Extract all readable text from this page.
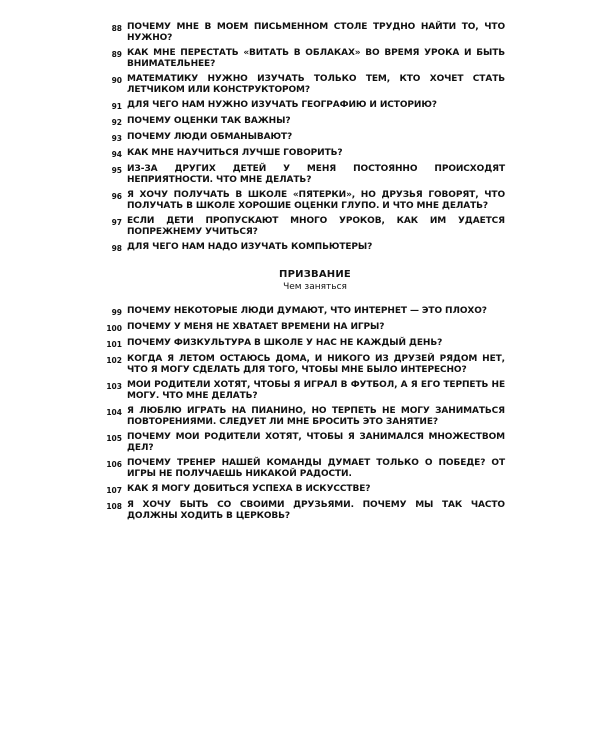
88 ПОЧЕМУ МНЕ В МОЕМ ПИСЬМЕННОМ СТОЛЕ ТРУДНО НАЙТИ ТО, ЧТО НУЖНО?
89 КАК МНЕ ПЕРЕСТАТЬ «ВИТАТЬ В ОБЛАКАХ» ВО ВРЕМЯ УРОКА И БЫТЬ ВНИМАТЕЛЬНЕЕ?
90 МАТЕМАТИКУ НУЖНО ИЗУЧАТЬ ТОЛЬКО ТЕМ, КТО ХОЧЕТ СТАТЬ ЛЕТЧИКОМ ИЛИ КОНСТРУКТОРОМ?
91 ДЛЯ ЧЕГО НАМ НУЖНО ИЗУЧАТЬ ГЕОГРАФИЮ И ИСТОРИЮ?
92 ПОЧЕМУ ОЦЕНКИ ТАК ВАЖНЫ?
93 ПОЧЕМУ ЛЮДИ ОБМАНЫВАЮТ?
94 КАК МНЕ НАУЧИТЬСЯ ЛУЧШЕ ГОВОРИТЬ?
95 ИЗ-ЗА ДРУГИХ ДЕТЕЙ У МЕНЯ ПОСТОЯННО ПРОИСХОДЯТ НЕПРИЯТНОСТИ. ЧТО МНЕ ДЕЛАТЬ?
96 Я ХОЧУ ПОЛУЧАТЬ В ШКОЛЕ «ПЯТЕРКИ», НО ДРУЗЬЯ ГОВОРЯТ, ЧТО ПОЛУЧАТЬ В ШКОЛЕ ХОРОШИЕ ОЦЕНКИ ГЛУПО. И ЧТО МНЕ ДЕЛАТЬ?
97 ЕСЛИ ДЕТИ ПРОПУСКАЮТ МНОГО УРОКОВ, КАК ИМ УДАЕТСЯ ПОПРЕЖНЕМУ УЧИТЬСЯ?
98 ДЛЯ ЧЕГО НАМ НАДО ИЗУЧАТЬ КОМПЬЮТЕРЫ?
ПРИЗВАНИЕ
Чем заняться
99 ПОЧЕМУ НЕКОТОРЫЕ ЛЮДИ ДУМАЮТ, ЧТО ИНТЕРНЕТ — ЭТО ПЛОХО?
100 ПОЧЕМУ У МЕНЯ НЕ ХВАТАЕТ ВРЕМЕНИ НА ИГРЫ?
101 ПОЧЕМУ ФИЗКУЛЬТУРА В ШКОЛЕ У НАС НЕ КАЖДЫЙ ДЕНЬ?
102 КОГДА Я ЛЕТОМ ОСТАЮСЬ ДОМА, И НИКОГО ИЗ ДРУЗЕЙ РЯДОМ НЕТ, ЧТО Я МОГУ СДЕЛАТЬ ДЛЯ ТОГО, ЧТОБЫ МНЕ БЫЛО ИНТЕРЕСНО?
103 МОИ РОДИТЕЛИ ХОТЯТ, ЧТОБЫ Я ИГРАЛ В ФУТБОЛ, А Я ЕГО ТЕРПЕТЬ НЕ МОГУ. ЧТО МНЕ ДЕЛАТЬ?
104 Я ЛЮБЛЮ ИГРАТЬ НА ПИАНИНО, НО ТЕРПЕТЬ НЕ МОГУ ЗАНИМАТЬСЯ ПОВТОРЕНИЯМИ. СЛЕДУЕТ ЛИ МНЕ БРОСИТЬ ЭТО ЗАНЯТИЕ?
105 ПОЧЕМУ МОИ РОДИТЕЛИ ХОТЯТ, ЧТОБЫ Я ЗАНИМАЛСЯ МНОЖЕСТВОМ ДЕЛ?
106 ПОЧЕМУ ТРЕНЕР НАШЕЙ КОМАНДЫ ДУМАЕТ ТОЛЬКО О ПОБЕДЕ? ОТ ИГРЫ НЕ ПОЛУЧАЕШЬ НИКАКОЙ РАДОСТИ.
107 КАК Я МОГУ ДОБИТЬСЯ УСПЕХА В ИСКУССТВЕ?
108 Я ХОЧУ БЫТЬ СО СВОИМИ ДРУЗЬЯМИ. ПОЧЕМУ МЫ ТАК ЧАСТО ДОЛЖНЫ ХОДИТЬ В ЦЕРКОВЬ?
